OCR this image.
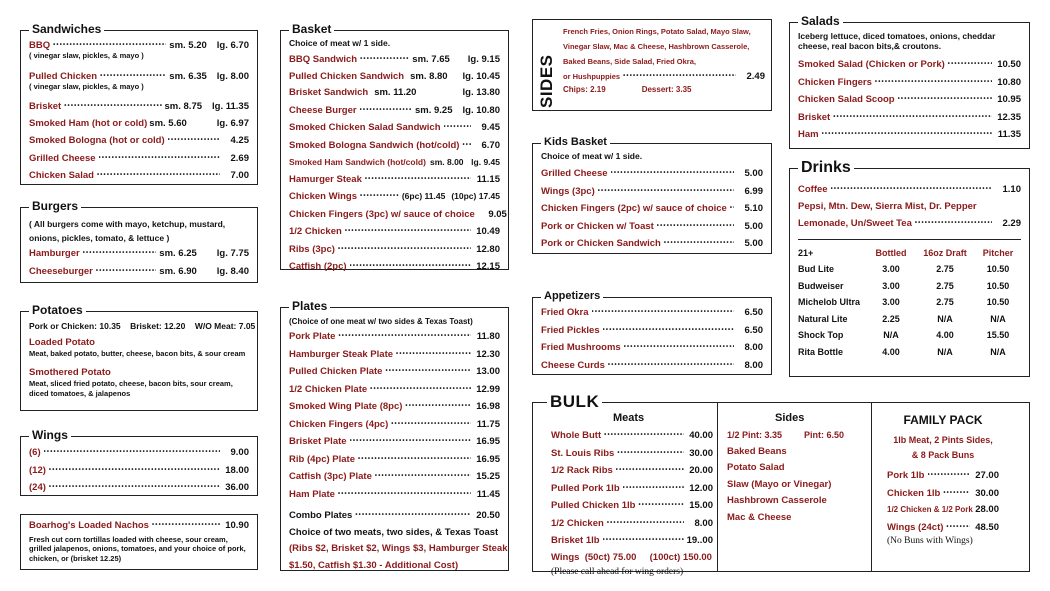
Sandwiches
BBQ •••••	sm. 5.20 lg. 6.70
( vinegar slaw, pickles, & mayo )
Pulled Chicken •••••	sm. 6.35 lg. 8.00
( vinegar slaw, pickles, & mayo )
Brisket •••••	sm. 8.75 lg. 11.35
Smoked Ham (hot or cold) sm. 5.60	lg. 6.97
Smoked Bologna (hot or cold) •••••	4.25
Grilled Cheese •••••	2.69
Chicken Salad •••••	7.00
Burgers
( All burgers come with mayo, ketchup, mustard,
onions, pickles, tomato, & lettuce )
Hamburger •••••	sm. 6.25 lg. 7.75
Cheeseburger •••••	sm. 6.90 lg. 8.40
Potatoes
Pork or Chicken: 10.35    Brisket: 12.20    W/O Meat: 7.05
Loaded Potato
Meat, baked potato, butter, cheese, bacon bits, & sour cream
Smothered Potato
Meat, sliced fried potato, cheese, bacon bits, sour cream, diced tomatoes, & jalapenos
Wings
(6) •••••	9.00
(12) •••••	18.00
(24) •••••	36.00
Boarhog's Loaded Nachos •••••	10.90
Fresh cut corn tortillas loaded with cheese, sour cream, grilled jalapenos, onions, tomatoes, and your choice of pork, chicken, or (brisket 12.25)
Basket
Choice of meat w/ 1 side.
BBQ Sandwich •••••	sm. 7.65 lg. 9.15
Pulled Chicken Sandwich sm. 8.80 lg. 10.45
Brisket Sandwich sm. 11.20	lg. 13.80
Cheese Burger •••••	sm. 9.25 lg. 10.80
Smoked Chicken Salad Sandwich •••••	9.45
Smoked Bologna Sandwich (hot/cold) •••••	6.70
Smoked Ham Sandwich (hot/cold) sm. 8.00 lg. 9.45
Hamurger Steak •••••	11.15
Chicken Wings •••••	(6pc) 11.45 (10pc) 17.45
Chicken Fingers (3pc) w/ sauce of choice	9.05
1/2 Chicken •••••	10.49
Ribs (3pc) •••••	12.80
Catfish (2pc) •••••	12.15
Plates
(Choice of one meat w/ two sides & Texas Toast)
Pork Plate •••••	11.80
Hamburger Steak Plate •••••	12.30
Pulled Chicken Plate •••••	13.00
1/2 Chicken Plate •••••	12.99
Smoked Wing Plate (8pc) •••••	16.98
Chicken Fingers (4pc) •••••	11.75
Brisket Plate •••••	16.95
Rib (4pc) Plate •••••	16.95
Catfish (3pc) Plate •••••	15.25
Ham Plate •••••	11.45
Combo Plates •••••	20.50
Choice of two meats, two sides, & Texas Toast
(Ribs $2, Brisket $2, Wings $3, Hamburger Steak
$1.50, Catfish $1.30 - Additional Cost)
SIDES
French Fries, Onion Rings, Potato Salad, Mayo Slaw,
Vinegar Slaw, Mac & Cheese, Hashbrown Casserole,
Baked Beans, Side Salad, Fried Okra,
or Hushpuppies •••••	2.49
Chips: 2.19	Dessert: 3.35
Kids Basket
Choice of meat w/ 1 side.
Grilled Cheese •••••	5.00
Wings (3pc) •••••	6.99
Chicken Fingers (2pc) w/ sauce of choice •••••	5.10
Pork or Chicken w/ Toast •••••	5.00
Pork or Chicken Sandwich •••••	5.00
Appetizers
Fried Okra •••••	6.50
Fried Pickles •••••	6.50
Fried Mushrooms •••••	8.00
Cheese Curds •••••	8.00
Salads
Iceberg lettuce, diced tomatoes, onions, cheddar cheese, real bacon bits,& croutons.
Smoked Salad (Chicken or Pork) •••••	10.50
Chicken Fingers •••••	10.80
Chicken Salad Scoop •••••	10.95
Brisket •••••	12.35
Ham •••••	11.35
Drinks
Coffee •••••	1.10
Pepsi, Mtn. Dew, Sierra Mist, Dr. Pepper
Lemonade, Un/Sweet Tea •••••	2.29
21+	Bottled	16oz Draft	Pitcher
Bud Lite	3.00	2.75	10.50
Budweiser	3.00	2.75	10.50
Michelob Ultra	3.00	2.75	10.50
Natural Lite	2.25	N/A	N/A
Shock Top	N/A	4.00	15.50
Rita Bottle	4.00	N/A	N/A
BULK
Meats
Whole Butt •••••	40.00
St. Louis Ribs •••••	30.00
1/2 Rack Ribs •••••	20.00
Pulled Pork 1lb •••••	12.00
Pulled Chicken 1lb •••••	15.00
1/2 Chicken •••••	8.00
Brisket 1lb •••••	19..00
Wings  (50ct) 75.00     (100ct) 150.00
(Please call ahead for wing orders)
Sides
1/2 Pint: 3.35 Pint: 6.50
Baked Beans
Potato Salad
Slaw (Mayo or Vinegar)
Hashbrown Casserole
Mac & Cheese
FAMILY PACK
1lb Meat, 2 Pints Sides,
& 8 Pack Buns
Pork 1lb •••••	27.00
Chicken 1lb •••••	30.00
1/2 Chicken & 1/2 Pork 28.00
Wings (24ct) •••••	48.50
(No Buns with Wings)
